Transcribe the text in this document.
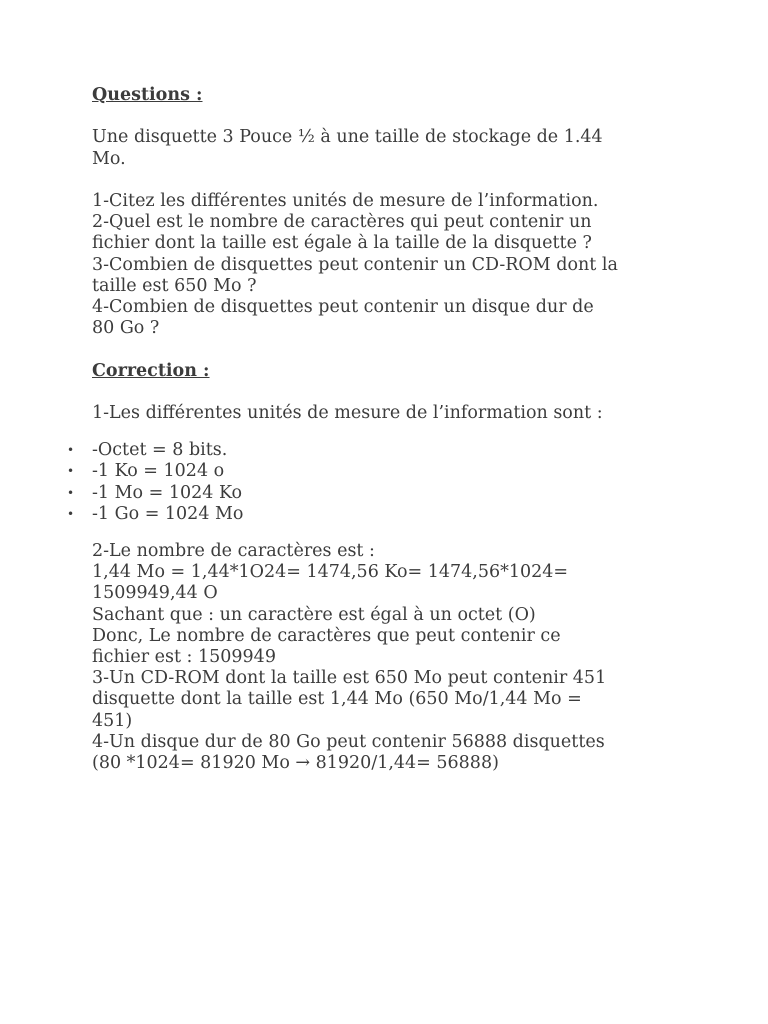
Questions :
Une disquette 3 Pouce ½ à une taille de stockage de 1.44
Mo.
1-Citez les différentes unités de mesure de l’information.
2-Quel est le nombre de caractères qui peut contenir un
fichier dont la taille est égale à la taille de la disquette ?
3-Combien de disquettes peut contenir un CD-ROM dont la
taille est 650 Mo ?
4-Combien de disquettes peut contenir un disque dur de
80 Go ?
Correction :
1-Les différentes unités de mesure de l’information sont :
• -Octet = 8 bits.
• -1 Ko = 1024 o
• -1 Mo = 1024 Ko
• -1 Go = 1024 Mo
2-Le nombre de caractères est :
1,44 Mo = 1,44*1O24= 1474,56 Ko= 1474,56*1024=
1509949,44 O
Sachant que : un caractère est égal à un octet (O)
Donc, Le nombre de caractères que peut contenir ce
fichier est : 1509949
3-Un CD-ROM dont la taille est 650 Mo peut contenir 451
disquette dont la taille est 1,44 Mo (650 Mo/1,44 Mo =
451)
4-Un disque dur de 80 Go peut contenir 56888 disquettes
(80 *1024= 81920 Mo → 81920/1,44= 56888)
